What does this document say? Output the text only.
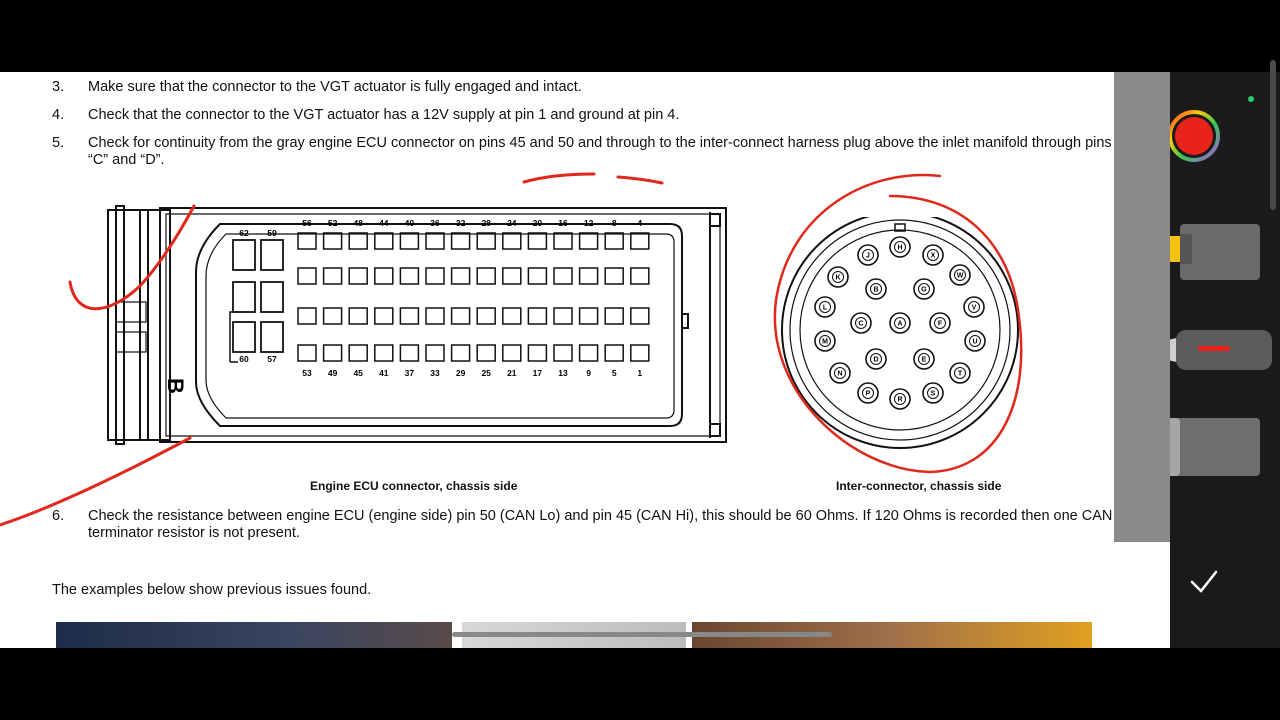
3.	Make sure that the connector to the VGT actuator is fully engaged and intact.
4.	Check that the connector to the VGT actuator has a 12V supply at pin 1 and ground at pin 4.
5.	Check for continuity from the gray engine ECU connector on pins 45 and 50 and through to the inter-connect harness plug above the inlet manifold through pins “C” and “D”.
B
56 52 48 44 40 36 32 28 24 20 16 12 8 4
53 49 45 41 37 33 29 25 21 17 13 9 5 1
62 59
60 57
Engine ECU connector, chassis side
H
J	X
K
B	G
W
L	V
M
C	A	F
U
N
D	E
T
P
R
S
Inter-connector, chassis side
6.	Check the resistance between engine ECU (engine side) pin 50 (CAN Lo) and pin 45 (CAN Hi), this should be 60 Ohms. If 120 Ohms is recorded then one CAN terminator resistor is not present.
The examples below show previous issues found.
